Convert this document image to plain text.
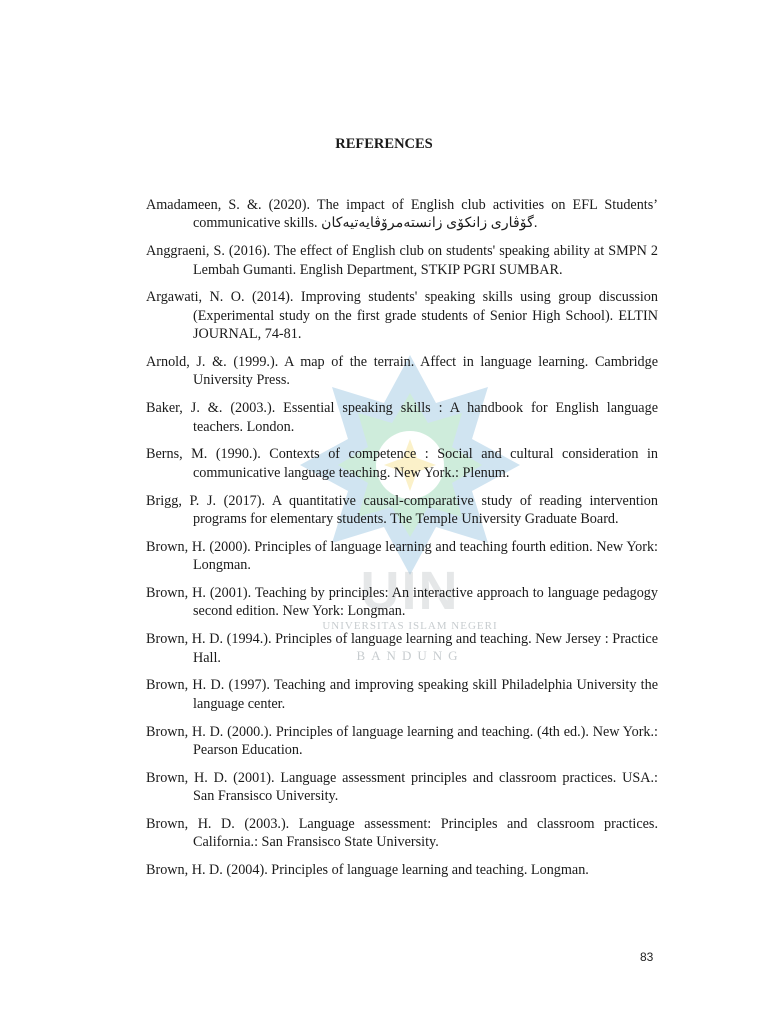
UIN
UNIVERSITAS ISLAM NEGERI
BANDUNG
REFERENCES
Amadameen, S. &. (2020). The impact of English club activities on EFL Students’ communicative skills. گۆڤاری زانکۆی زانستەمرۆڤایەتیەکان.
Anggraeni, S. (2016). The effect of English club on students' speaking ability at SMPN 2 Lembah Gumanti. English Department, STKIP PGRI SUMBAR.
Argawati, N. O. (2014). Improving students' speaking skills using group discussion (Experimental study on the first grade students of Senior High School). ELTIN JOURNAL, 74-81.
Arnold, J. &. (1999.). A map of the terrain. Affect in language learning. Cambridge University Press.
Baker, J. &. (2003.). Essential speaking skills : A handbook for English language teachers. London.
Berns, M. (1990.). Contexts of competence : Social and cultural consideration in communicative language teaching. New York.: Plenum.
Brigg, P. J. (2017). A quantitative causal-comparative study of reading intervention programs for elementary students. The Temple University Graduate Board.
Brown, H. (2000). Principles of language learning and teaching fourth edition. New York: Longman.
Brown, H. (2001). Teaching by principles: An interactive approach to language pedagogy second edition. New York: Longman.
Brown, H. D. (1994.). Principles of language learning and teaching. New Jersey : Practice Hall.
Brown, H. D. (1997). Teaching and improving speaking skill Philadelphia University the language center.
Brown, H. D. (2000.). Principles of language learning and teaching. (4th ed.). New York.: Pearson Education.
Brown, H. D. (2001). Language assessment principles and classroom practices. USA.: San Fransisco University.
Brown, H. D. (2003.). Language assessment: Principles and classroom practices. California.: San Fransisco State University.
Brown, H. D. (2004). Principles of language learning and teaching. Longman.
83
